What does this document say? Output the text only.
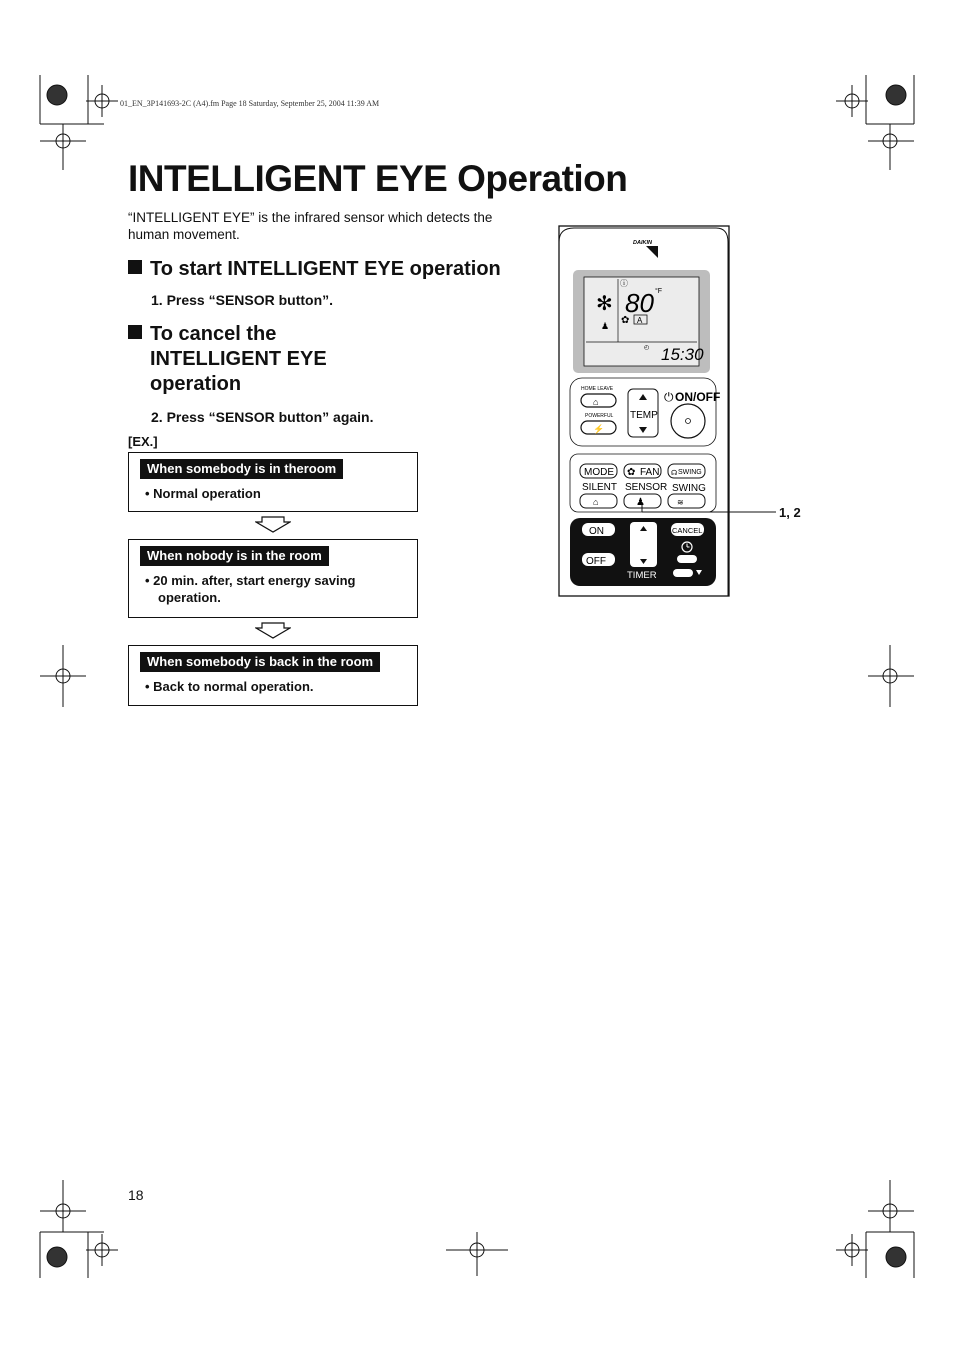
01_EN_3P141693-2C (A4).fm Page 18 Saturday, September 25, 2004 11:39 AM
INTELLIGENT EYE Operation

“INTELLIGENT EYE” is the infrared sensor which detects the human movement.

To start INTELLIGENT EYE operation
1. Press “SENSOR button”.
To cancel the
INTELLIGENT EYE
operation
2. Press “SENSOR button” again.
[EX.]
When somebody is in theroom
• Normal operation
When nobody is in the room
• 20 min. after, start energy saving
operation.
When somebody is back in the room
• Back to normal operation.
DAIKIN
✻
ⓘ
80 °F
♟ ✿ A
◴ 15:30
HOME LEAVE
⌂
POWERFUL
⚡
TEMP
⏻ ON/OFF
MODE ✿ FAN ☊ SWING
SILENT SENSOR SWING
⌂	♟	≋
ON
OFF
TIMER
CANCEL
1, 2
18
